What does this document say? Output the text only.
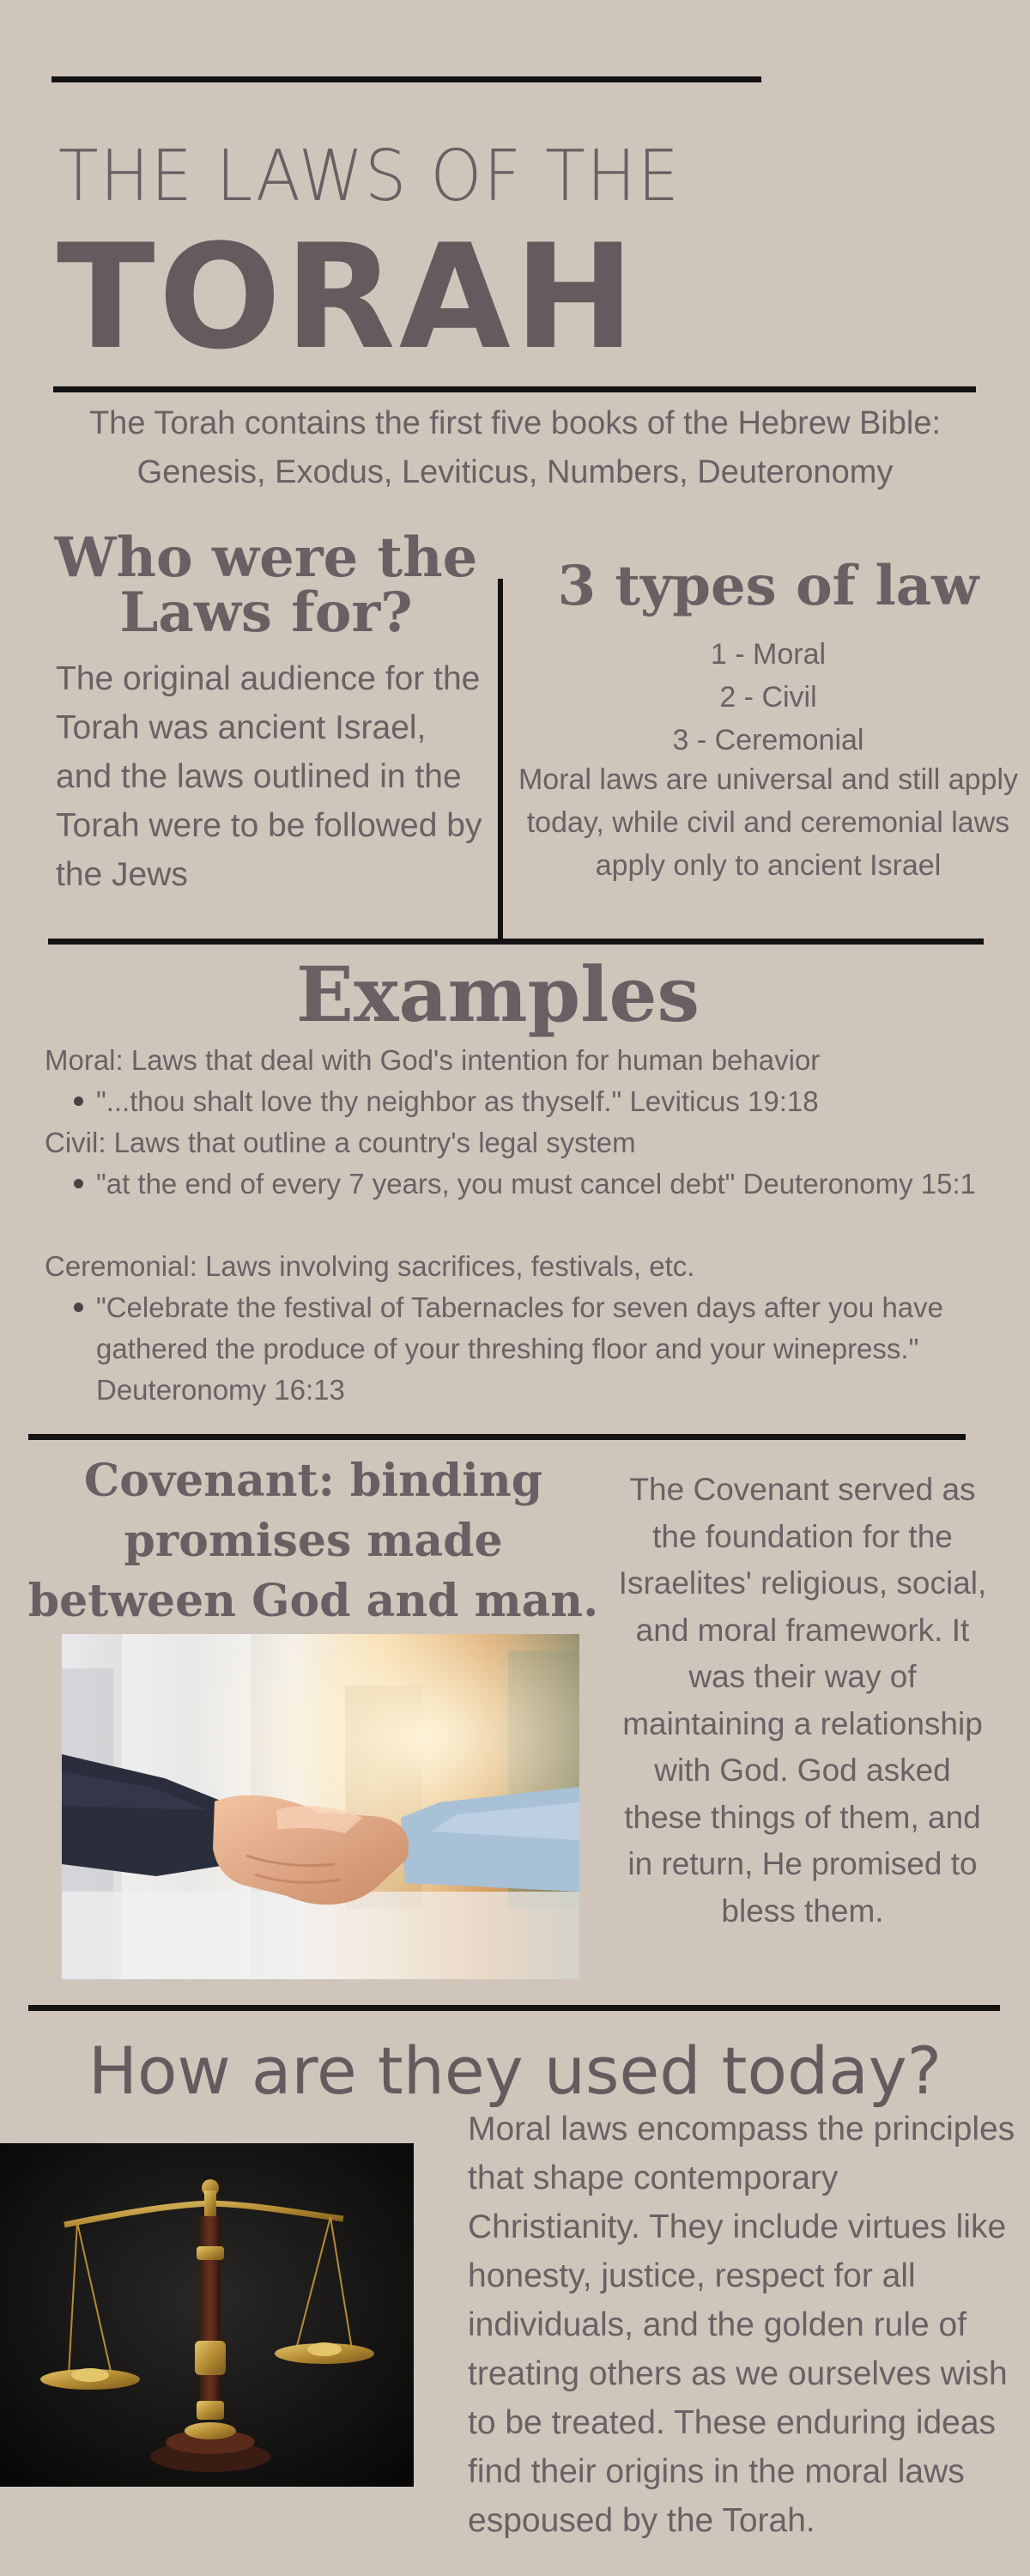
THE LAWS OF THE
TORAH
The Torah contains the first five books of the Hebrew Bible: Genesis, Exodus, Leviticus, Numbers, Deuteronomy
Who were the Laws for?
The original audience for the Torah was ancient Israel, and the laws outlined in the Torah were to be followed by the Jews
3 types of law
1 - Moral
2 - Civil
3 - Ceremonial
Moral laws are universal and still apply today, while civil and ceremonial laws apply only to ancient Israel
Examples
Moral: Laws that deal with God's intention for human behavior
"...thou shalt love thy neighbor as thyself." Leviticus 19:18
Civil: Laws that outline a country's legal system
"at the end of every 7 years, you must cancel debt" Deuteronomy 15:1
Ceremonial: Laws involving sacrifices, festivals, etc.
"Celebrate the festival of Tabernacles for seven days after you have gathered the produce of your threshing floor and your winepress." Deuteronomy 16:13
Covenant: binding promises made between God and man.
The Covenant served as the foundation for the Israelites' religious, social, and moral framework. It was their way of maintaining a relationship with God. God asked these things of them, and in return, He promised to bless them.
How are they used today?
Moral laws encompass the principles that shape contemporary Christianity. They include virtues like honesty, justice, respect for all individuals, and the golden rule of treating others as we ourselves wish to be treated. These enduring ideas find their origins in the moral laws espoused by the Torah.
